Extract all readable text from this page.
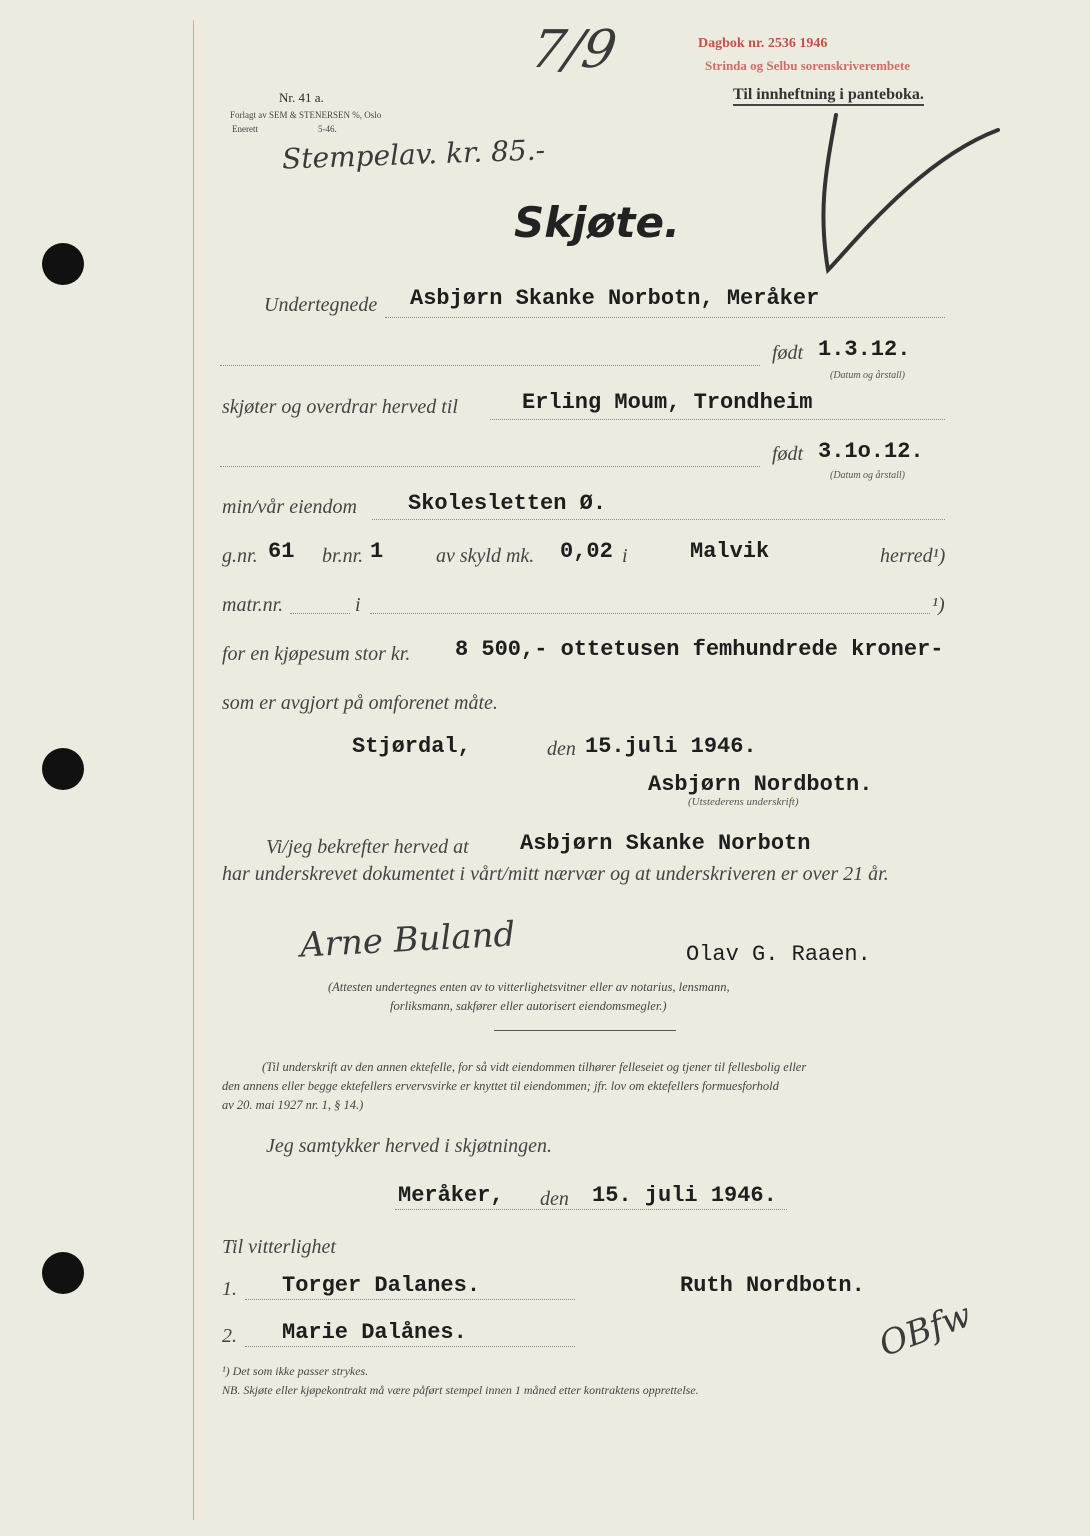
Dagbok nr. 2536 1946
Strinda og Selbu sorenskriverembete
Til innheftning i panteboka.
7/9
Stempelav. kr. 85.-
Nr. 41 a.
Forlagt av SEM & STENERSEN %, Oslo
Enerett	5-46.
Skjøte.
Undertegnede Asbjørn Skanke Norbotn, Meråker
født 1.3.12.
(Datum og årstall)
skjøter og overdrar herved til	Erling Moum, Trondheim
født 3.1o.12.
(Datum og årstall)
min/vår eiendom Skolesletten Ø.
g.nr. 61 br.nr. 1	av skyld mk. 0,02 i	Malvik	herred¹)
matr.nr.	i	¹)
for en kjøpesum stor kr. 8 500,- ottetusen femhundrede kroner-
som er avgjort på omforenet måte.
Stjørdal,	den 15.juli 1946.
Asbjørn Nordbotn.
(Utstederens underskrift)
Vi/jeg bekrefter herved at Asbjørn Skanke Norbotn
har underskrevet dokumentet i vårt/mitt nærvær og at underskriveren er over 21 år.
Arne Buland	Olav G. Raaen.
(Attesten undertegnes enten av to vitterlighetsvitner eller av notarius, lensmann,
forliksmann, sakfører eller autorisert eiendomsmegler.)
(Til underskrift av den annen ektefelle, for så vidt eiendommen tilhører felleseiet og tjener til fellesbolig eller
den annens eller begge ektefellers ervervsvirke er knyttet til eiendommen; jfr. lov om ektefellers formuesforhold
av 20. mai 1927 nr. 1, § 14.)
Jeg samtykker herved i skjøtningen.
Meråker, den 15. juli 1946.
Til vitterlighet
1. Torger Dalanes.	Ruth Nordbotn.
2. Marie Dalånes.	OBfw
¹) Det som ikke passer strykes.
NB. Skjøte eller kjøpekontrakt må være påført stempel innen 1 måned etter kontraktens opprettelse.
